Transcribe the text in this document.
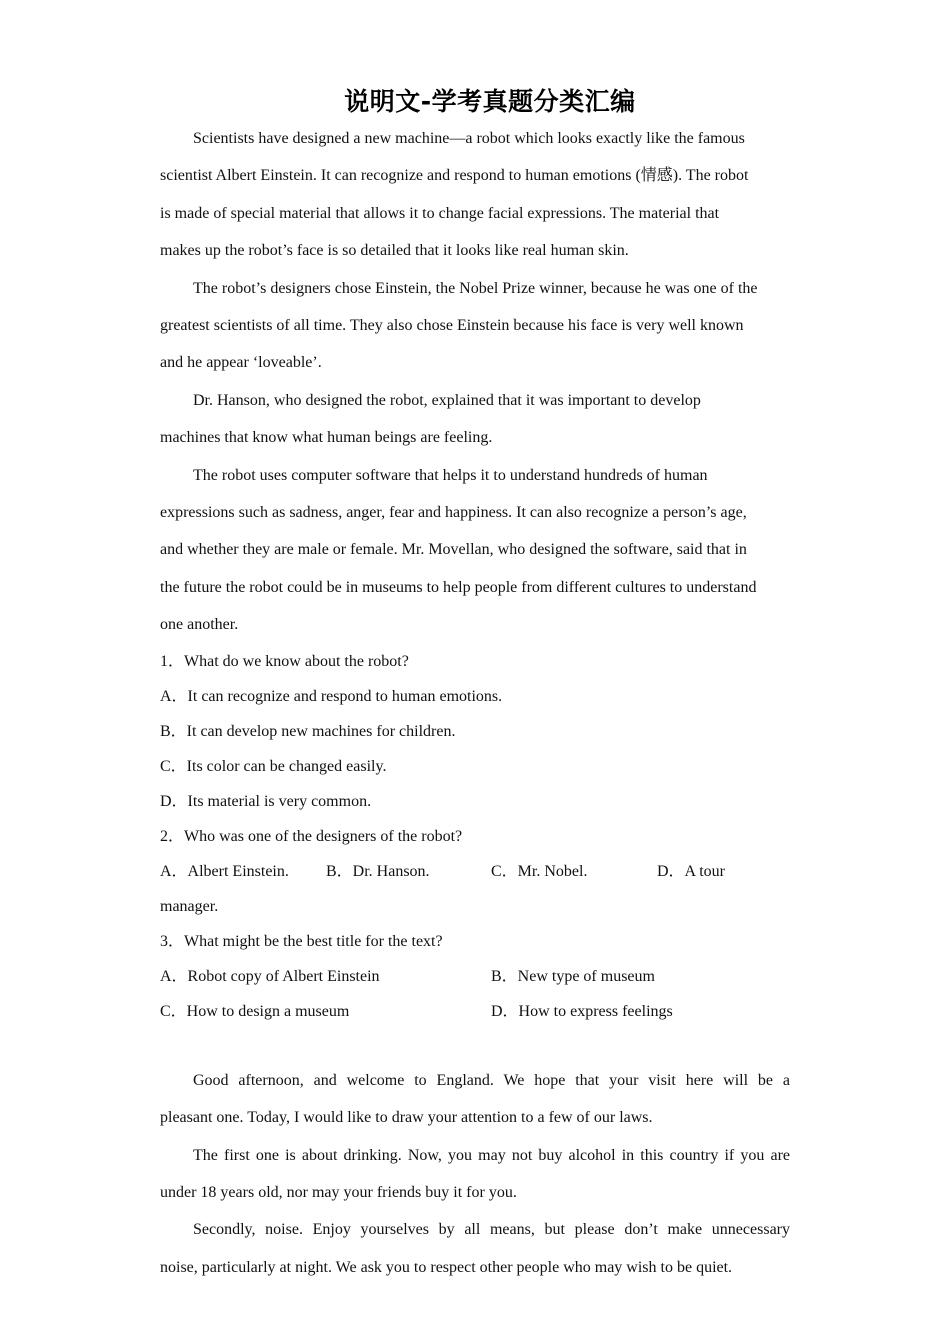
说明文-学考真题分类汇编

Scientists have designed a new machine—a robot which looks exactly like the famous

scientist Albert Einstein. It can recognize and respond to human emotions (情感). The robot

is made of special material that allows it to change facial expressions. The material that

makes up the robot’s face is so detailed that it looks like real human skin.

The robot’s designers chose Einstein, the Nobel Prize winner, because he was one of the

greatest scientists of all time. They also chose Einstein because his face is very well known

and he appear ‘loveable’.

Dr. Hanson, who designed the robot, explained that it was important to develop

machines that know what human beings are feeling.

The robot uses computer software that helps it to understand hundreds of human

expressions such as sadness, anger, fear and happiness. It can also recognize a person’s age,

and whether they are male or female. Mr. Movellan, who designed the software, said that in

the future the robot could be in museums to help people from different cultures to understand

one another.

1．What do we know about the robot?

A．It can recognize and respond to human emotions.

B．It can develop new machines for children.

C．Its color can be changed easily.

D．Its material is very common.

2．Who was one of the designers of the robot?

A．Albert Einstein. B．Dr. Hanson.	C．Mr. Nobel.	D．A tour

manager.

3．What might be the best title for the text?

A．Robot copy of Albert Einstein	B．New type of museum
C．How to design a museum	D．How to express feelings

Good afternoon, and welcome to England. We hope that your visit here will be a

pleasant one. Today, I would like to draw your attention to a few of our laws.

The first one is about drinking. Now, you may not buy alcohol in this country if you are

under 18 years old, nor may your friends buy it for you.

Secondly, noise. Enjoy yourselves by all means, but please don’t make unnecessary

noise, particularly at night. We ask you to respect other people who may wish to be quiet.
